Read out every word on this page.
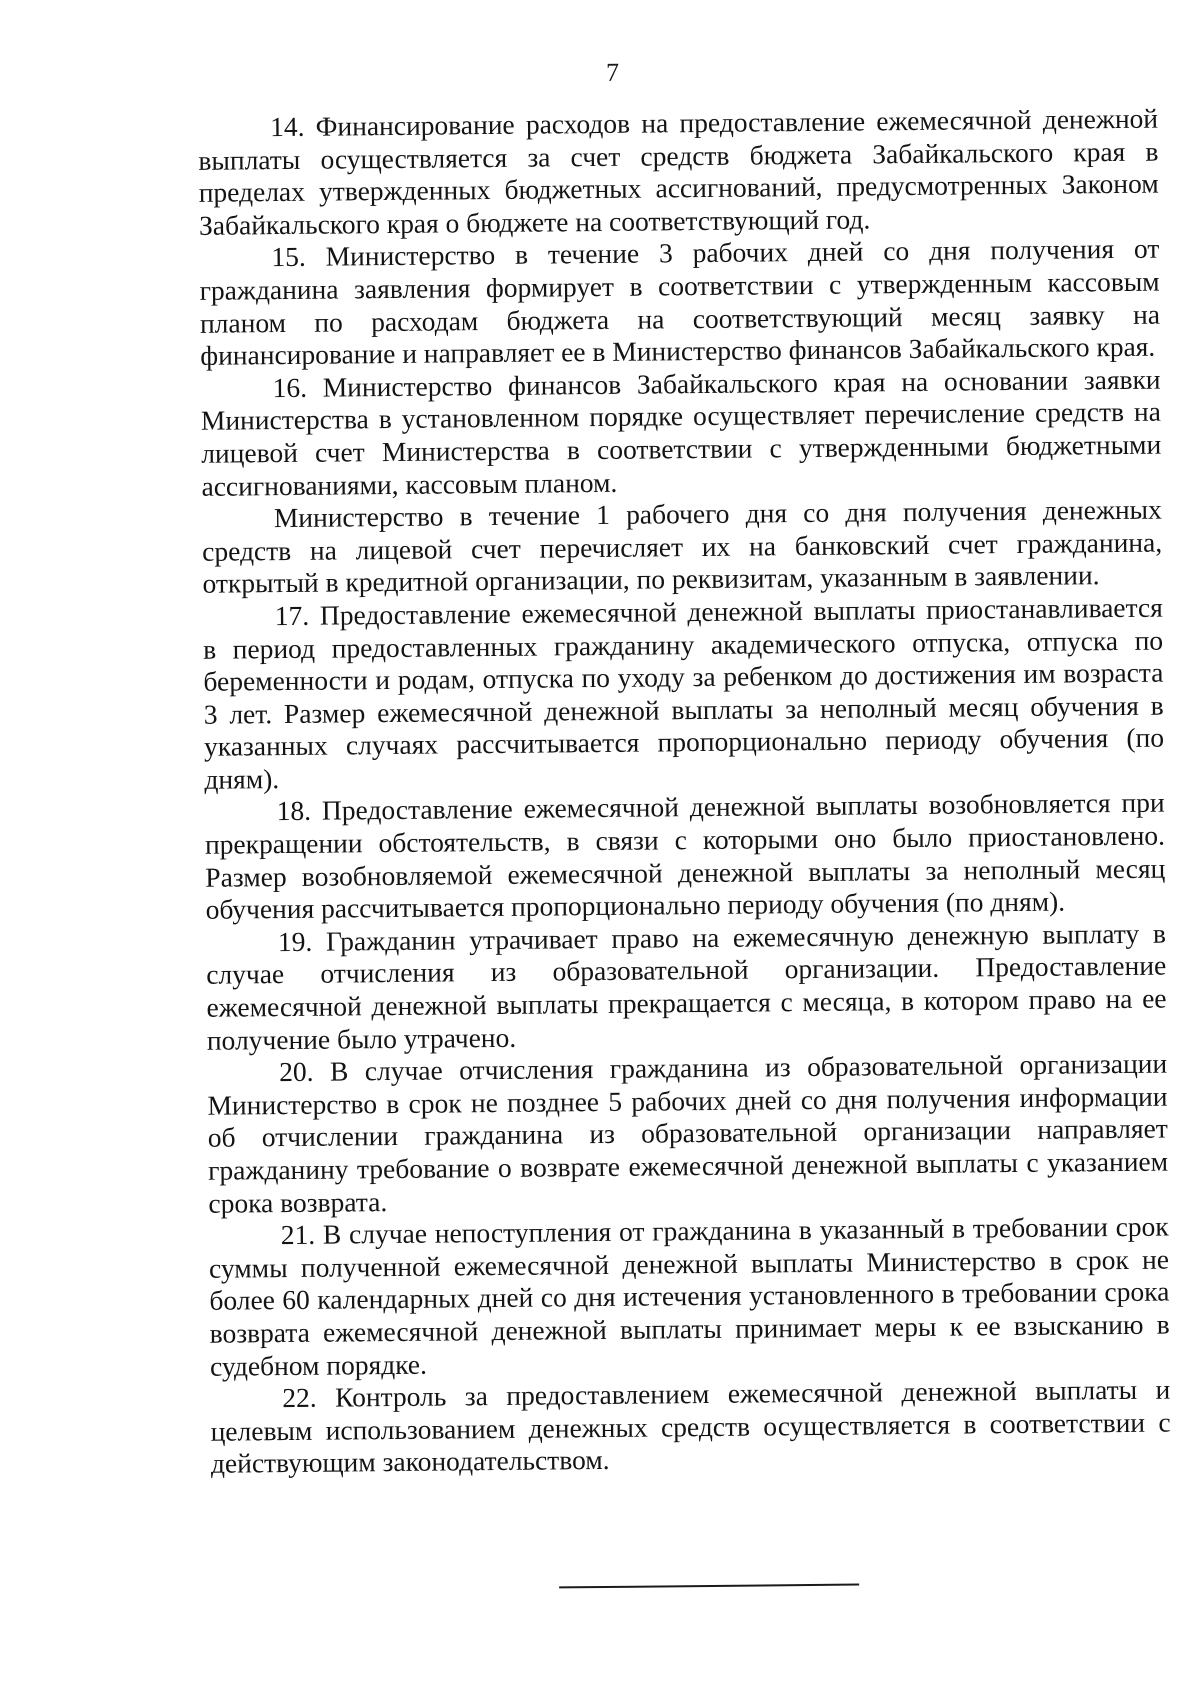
7

14. Финансирование расходов на предоставление ежемесячной денежной выплаты осуществляется за счет средств бюджета Забайкальского края в пределах утвержденных бюджетных ассигнований, предусмотренных Законом Забайкальского края о бюджете на соответствующий год.

15. Министерство в течение 3 рабочих дней со дня получения от гражданина заявления формирует в соответствии с утвержденным кассовым планом по расходам бюджета на соответствующий месяц заявку на финансирование и направляет ее в Министерство финансов Забайкальского края.

16. Министерство финансов Забайкальского края на основании заявки Министерства в установленном порядке осуществляет перечисление средств на лицевой счет Министерства в соответствии с утвержденными бюджетными ассигнованиями, кассовым планом.

Министерство в течение 1 рабочего дня со дня получения денежных средств на лицевой счет перечисляет их на банковский счет гражданина, открытый в кредитной организации, по реквизитам, указанным в заявлении.

17. Предоставление ежемесячной денежной выплаты приостанавливается в период предоставленных гражданину академического отпуска, отпуска по беременности и родам, отпуска по уходу за ребенком до достижения им возраста 3 лет. Размер ежемесячной денежной выплаты за неполный месяц обучения в указанных случаях рассчитывается пропорционально периоду обучения (по дням).

18. Предоставление ежемесячной денежной выплаты возобновляется при прекращении обстоятельств, в связи с которыми оно было приостановлено. Размер возобновляемой ежемесячной денежной выплаты за неполный месяц обучения рассчитывается пропорционально периоду обучения (по дням).

19. Гражданин утрачивает право на ежемесячную денежную выплату в случае отчисления из образовательной организации. Предоставление ежемесячной денежной выплаты прекращается с месяца, в котором право на ее получение было утрачено.

20. В случае отчисления гражданина из образовательной организации Министерство в срок не позднее 5 рабочих дней со дня получения информации об отчислении гражданина из образовательной организации направляет гражданину требование о возврате ежемесячной денежной выплаты с указанием срока возврата.

21. В случае непоступления от гражданина в указанный в требовании срок суммы полученной ежемесячной денежной выплаты Министерство в срок не более 60 календарных дней со дня истечения установленного в требовании срока возврата ежемесячной денежной выплаты принимает меры к ее взысканию в судебном порядке.

22. Контроль за предоставлением ежемесячной денежной выплаты и целевым использованием денежных средств осуществляется в соответствии с действующим законодательством.
